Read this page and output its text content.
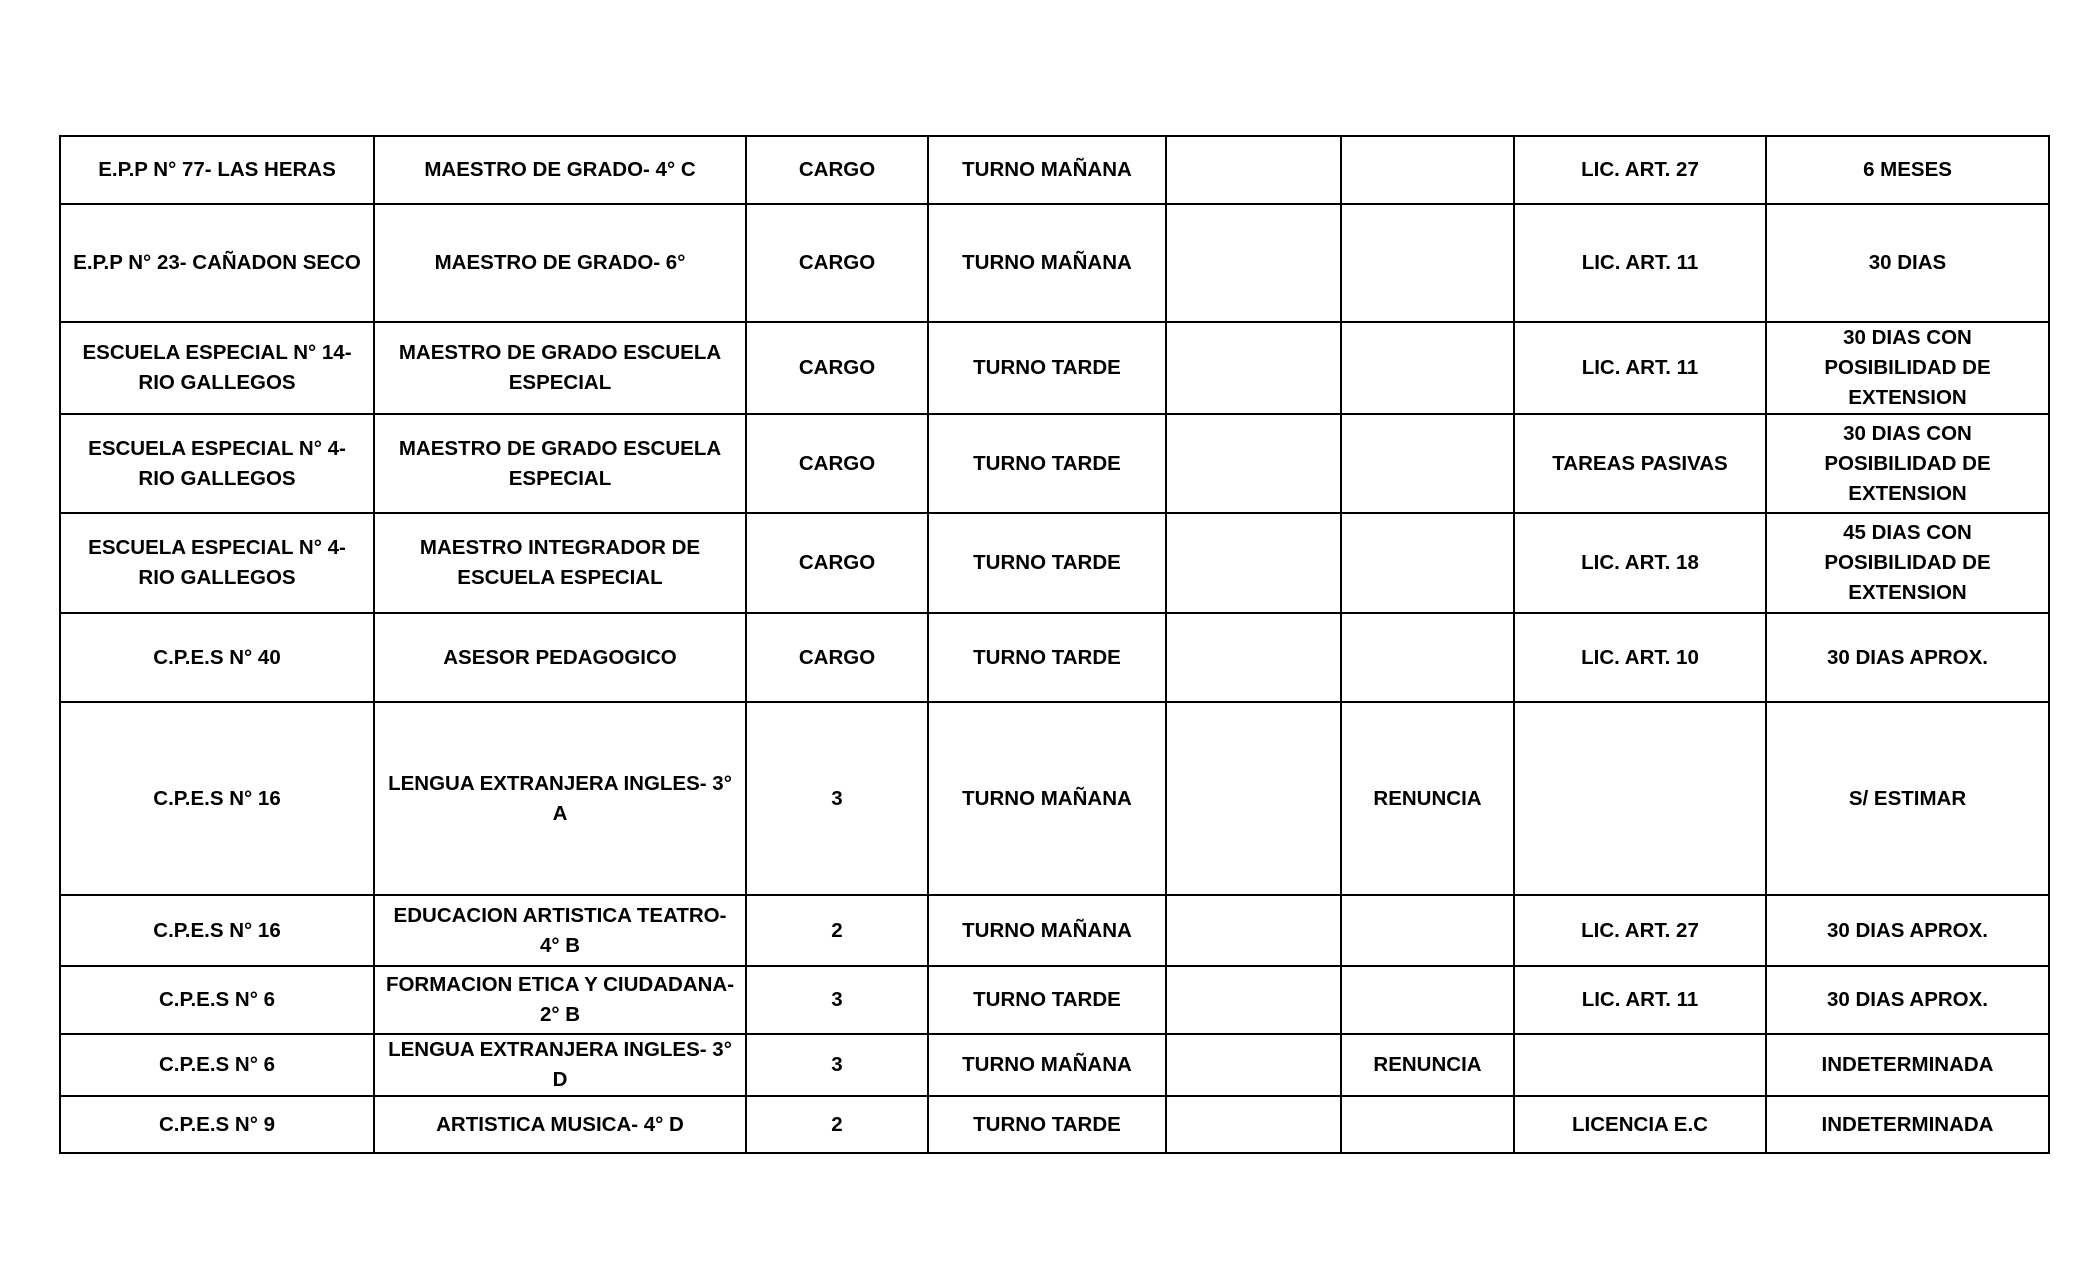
E.P.P N° 77- LAS HERAS	MAESTRO DE GRADO- 4° C	CARGO	TURNO MAÑANA			LIC. ART. 27	6 MESES
E.P.P N° 23- CAÑADON SECO	MAESTRO DE GRADO- 6°	CARGO	TURNO MAÑANA			LIC. ART. 11	30 DIAS
ESCUELA ESPECIAL N° 14- RIO GALLEGOS	MAESTRO DE GRADO ESCUELA ESPECIAL	CARGO	TURNO TARDE			LIC. ART. 11	30 DIAS CON POSIBILIDAD DE EXTENSION
ESCUELA ESPECIAL N° 4- RIO GALLEGOS	MAESTRO DE GRADO ESCUELA ESPECIAL	CARGO	TURNO TARDE			TAREAS PASIVAS	30 DIAS CON POSIBILIDAD DE EXTENSION
ESCUELA ESPECIAL N° 4- RIO GALLEGOS	MAESTRO INTEGRADOR DE ESCUELA ESPECIAL	CARGO	TURNO TARDE			LIC. ART. 18	45 DIAS CON POSIBILIDAD DE EXTENSION
C.P.E.S N° 40	ASESOR PEDAGOGICO	CARGO	TURNO TARDE			LIC. ART. 10	30 DIAS APROX.
C.P.E.S N° 16	LENGUA EXTRANJERA INGLES- 3° A	3	TURNO MAÑANA		RENUNCIA		S/ ESTIMAR
C.P.E.S N° 16	EDUCACION ARTISTICA TEATRO- 4° B	2	TURNO MAÑANA			LIC. ART. 27	30 DIAS APROX.
C.P.E.S N° 6	FORMACION ETICA Y CIUDADANA- 2° B	3	TURNO TARDE			LIC. ART. 11	30 DIAS APROX.
C.P.E.S N° 6	LENGUA EXTRANJERA INGLES- 3° D	3	TURNO MAÑANA		RENUNCIA		INDETERMINADA
C.P.E.S N° 9	ARTISTICA MUSICA- 4° D	2	TURNO TARDE			LICENCIA E.C	INDETERMINADA
